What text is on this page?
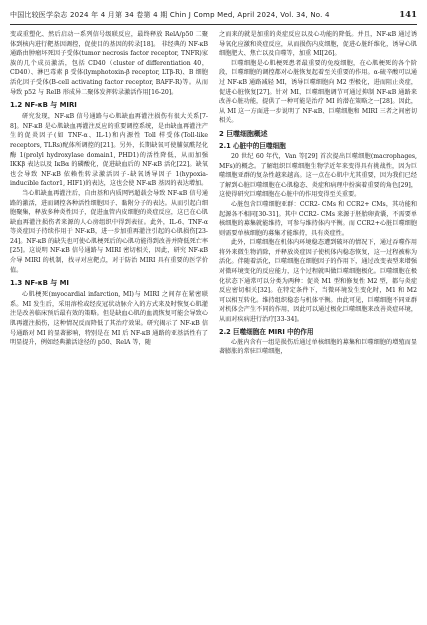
中国比较医学杂志 2024 年 4 月第 34 卷第 4 期 Chin J Comp Med, April 2024, Vol. 34, No. 4	141

变或重塑化、然后启动一系列信号级联反应，最终释放 RelA/p50 二聚体到核内进行靶基因调控，促使目的基因的转录[18]。 非经典的 NF-κB 通路由肿瘤坏死因子受体(tumor necrosis factor receptor, TNFR)家族的几个成员激活，包括 CD40（cluster of differentiation 40，CD40）、淋巴毒素 β 受体(lymphotoxin-β receptor, LTβ-R)、B 细胞活化因子受体(B-cell activating factor receptor, BAFF-R)等。从而导致 p52 与 RelB 形成异二聚体发挥转录激活作用[16-20]。

1.2 NF-κB 与 MIRI

研究发现，NF-κB 信号通路与心肌缺血再灌注损伤有很大关系[7-8]。NF-κB 是心肌缺血再灌注反应的重要调控系统，是由缺血再灌注产生的促炎因子(如 TNF-α、IL-1)和内源性 Toll 样受体(Toll-like receptors, TLRs)配体所调控的[21]。另外，长期缺氧可使脯氨酰羟化酶 1(prolyl hydroxylase domain1, PHD1)的活性降低，从而加强 IKKβ 表达以及 IκBα 的磷酸化，促进缺血后的 NF-κB 活化[22]。缺氧也会导致 NF-κB 依赖性转录激活因子-缺氧诱导因子 1(hypoxia-inducible factor1, HIF1)的表达，这也会使 NF-κB 基因的表达增加。

当心肌缺血再灌注后，自由基和内质网钙超载会导致 NF-κB 信号通路的激活，进而调控各种活性细胞因子、黏附分子的表达。从而引起白细胞聚集，释放多种炎性因子，促进血管内皮细胞的炎症反应，这已在心肌缺血再灌注损伤者来源的人心房组织中得到表征。此外，IL-6、TNF-α 等炎症因子持续作用于 NF-κB，进一步加重再灌注引起的心肌损伤[23-24]。NF-κB 的缺失也可使心肌梗死后的心肌功能得到改善并降低死亡率[25]。这说明 NF-κB 信号通路与 MIRI 密切相关，因此，研究 NF-κB 介导 MIRI 的机制，找寻对应靶点，对于防治 MIRI 具有重要的医学价值。

1.3 NF-κB 与 MI

心肌梗死(myocardial infarction, MI)与 MIRI 之间存在紧密联系。MI 发生后，采用溶栓或经皮冠状动脉介入的方式来及时恢复心肌灌注是改善临床预后最有效的策略。但是缺血心肌的血流恢复可能会导致心肌再灌注损伤，这种情况反而降低了其治疗效果。研究揭示了 NF-κB 信号通路对 MI 的显著影响，特别是在 MI 后 NF-κB 通路的亚基活性有了明显提升，例如经典激活途径的 p50、RelA 等，随

之而来的就是加重的炎症反应以及心功能的降低。并且，NF-κB 通过诱导氧化应激和炎症反应，从而损伤内皮细胞，促进心脏纤维化，诱导心肌细胞肥大、焦亡以及自噬等，加重 MI[26]。

巨噬细胞是心肌梗死患者最重要的免疫细胞，在心肌梗死的各个阶段，巨噬细胞的调控都对心脏恢复起着至关重要的作用。α-硫辛酸可以通过 NF-κB 通路减轻 MI，诱导巨噬细胞向 M2 型极化，进而阻止炎症，促进心脏恢复[27]。针对 MI，巨噬细胞调节可通过抑制 NF-κB 通路来改善心脏功能，提供了一种可能是治疗 MI 的潜在策略之一[28]。因此，从 MI 这一方面进一步说明了 NF-κB、巨噬细胞和 MIRI 三者之间密切相关。

2 巨噬细胞概述
2.1 心脏中的巨噬细胞

20 世纪 60 年代，Van 等[29] 首次提出巨噬细胞(macrophages, MFs)的概念。了解组织巨噬细胞生物学近年来变得具有挑战性，因为巨噬细胞亚群的复杂性越来越高。这一点在心肌中尤其重要，因为我们已经了解到心脏巨噬细胞在心肌稳态、炎症和病理中扮演着重要的角色[29]，这使得研究巨噬细胞在心脏中的作用变得至关重要。

心脏包含巨噬细胞亚群：CCR2- CMs 和 CCR2+ CMs，其功能和起源各不相同[30-31]。其中 CCR2- CMs 来源于胚胎卵黄囊，不需要单核细胞的募集就能维持，可参与维持体内平衡。而 CCR2+心脏巨噬细胞则需要单核细胞的募集才能维持，具有炎症性。

此外，巨噬细胞在机体内环境稳态遭到破坏的情况下，通过吞噬作用将外来微生物消除，并释放炎症因子使机体内稳态恢复，这一过程被称为活化。伴随着活化，巨噬细胞在细胞因子的作用下，通过改变表型来增强对微环境变化的反应能力，这个过程就叫做巨噬细胞极化。巨噬细胞在极化状态下通常可以分类为两种：促炎 M1 型和修复性 M2 型，都与炎症反应密切相关[32]。在特定条件下，当微环境发生变化时，M1 和 M2 可以相互转化。维持组织稳态与机体平衡。由此可见，巨噬细胞不同亚群对机体会产生不同的作用，因此可以通过极化巨噬细胞来改善炎症环境，从而对疾病进行治疗[33-34]。

2.2 巨噬细胞在 MIRI 中的作用

心脏内含有一组是损伤后通过单核细胞的募集和巨噬细胞的增殖而显著膨胀的常驻巨噬细胞，
